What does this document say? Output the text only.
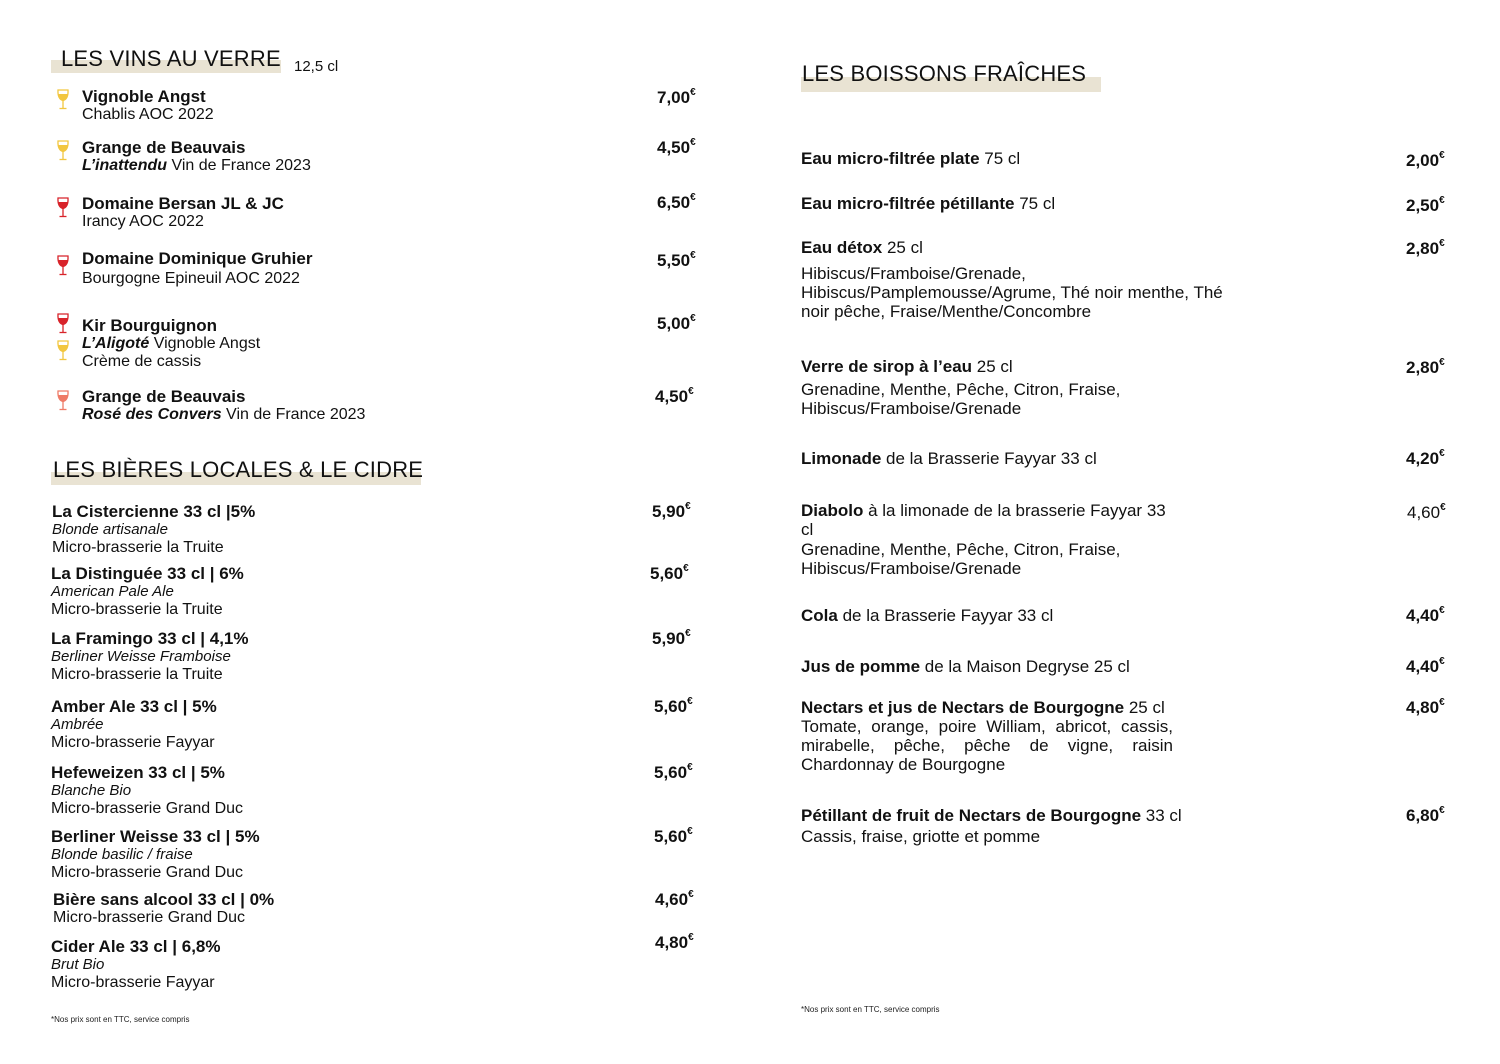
LES VINS AU VERRE 12,5 cl
Vignoble Angst
Chablis AOC 2022
7,00€
Grange de Beauvais
L’inattendu Vin de France 2023
4,50€
Domaine Bersan JL & JC
Irancy AOC 2022
6,50€
Domaine Dominique Gruhier
Bourgogne Epineuil AOC 2022
5,50€
Kir Bourguignon
L’Aligoté Vignoble Angst
Crème de cassis
5,00€
Grange de Beauvais
Rosé des Convers Vin de France 2023
4,50€
LES BIÈRES LOCALES & LE CIDRE
La Cistercienne 33 cl |5%
Blonde artisanale
Micro-brasserie la Truite
5,90€
La Distinguée 33 cl | 6%
American Pale Ale
Micro-brasserie la Truite
5,60€
La Framingo 33 cl | 4,1%
Berliner Weisse Framboise
Micro-brasserie la Truite
5,90€
Amber Ale 33 cl | 5%
Ambrée
Micro-brasserie Fayyar
5,60€
Hefeweizen 33 cl | 5%
Blanche Bio
Micro-brasserie Grand Duc
5,60€
Berliner Weisse 33 cl | 5%
Blonde basilic / fraise
Micro-brasserie Grand Duc
5,60€
Bière sans alcool 33 cl | 0%
Micro-brasserie Grand Duc
4,60€
Cider Ale 33 cl | 6,8%
Brut Bio
Micro-brasserie Fayyar
4,80€
*Nos prix sont en TTC, service compris
LES BOISSONS FRAÎCHES
Eau micro-filtrée plate 75 cl	2,00€
Eau micro-filtrée pétillante 75 cl	2,50€
Eau détox 25 cl
Hibiscus/Framboise/Grenade, Hibiscus/Pamplemousse/Agrume, Thé noir menthe, Thé noir pêche, Fraise/Menthe/Concombre
2,80€
Verre de sirop à l’eau 25 cl
Grenadine, Menthe, Pêche, Citron, Fraise, Hibiscus/Framboise/Grenade
2,80€
Limonade de la Brasserie Fayyar 33 cl	4,20€
Diabolo à la limonade de la brasserie Fayyar 33 cl
Grenadine, Menthe, Pêche, Citron, Fraise, Hibiscus/Framboise/Grenade
4,60€
Cola de la Brasserie Fayyar 33 cl	4,40€
Jus de pomme de la Maison Degryse 25 cl	4,40€
Nectars et jus de Nectars de Bourgogne 25 cl
Tomate, orange, poire William, abricot, cassis, mirabelle, pêche, pêche de vigne, raisin Chardonnay de Bourgogne
4,80€
Pétillant de fruit de Nectars de Bourgogne 33 cl
Cassis, fraise, griotte et pomme
6,80€
*Nos prix sont en TTC, service compris
